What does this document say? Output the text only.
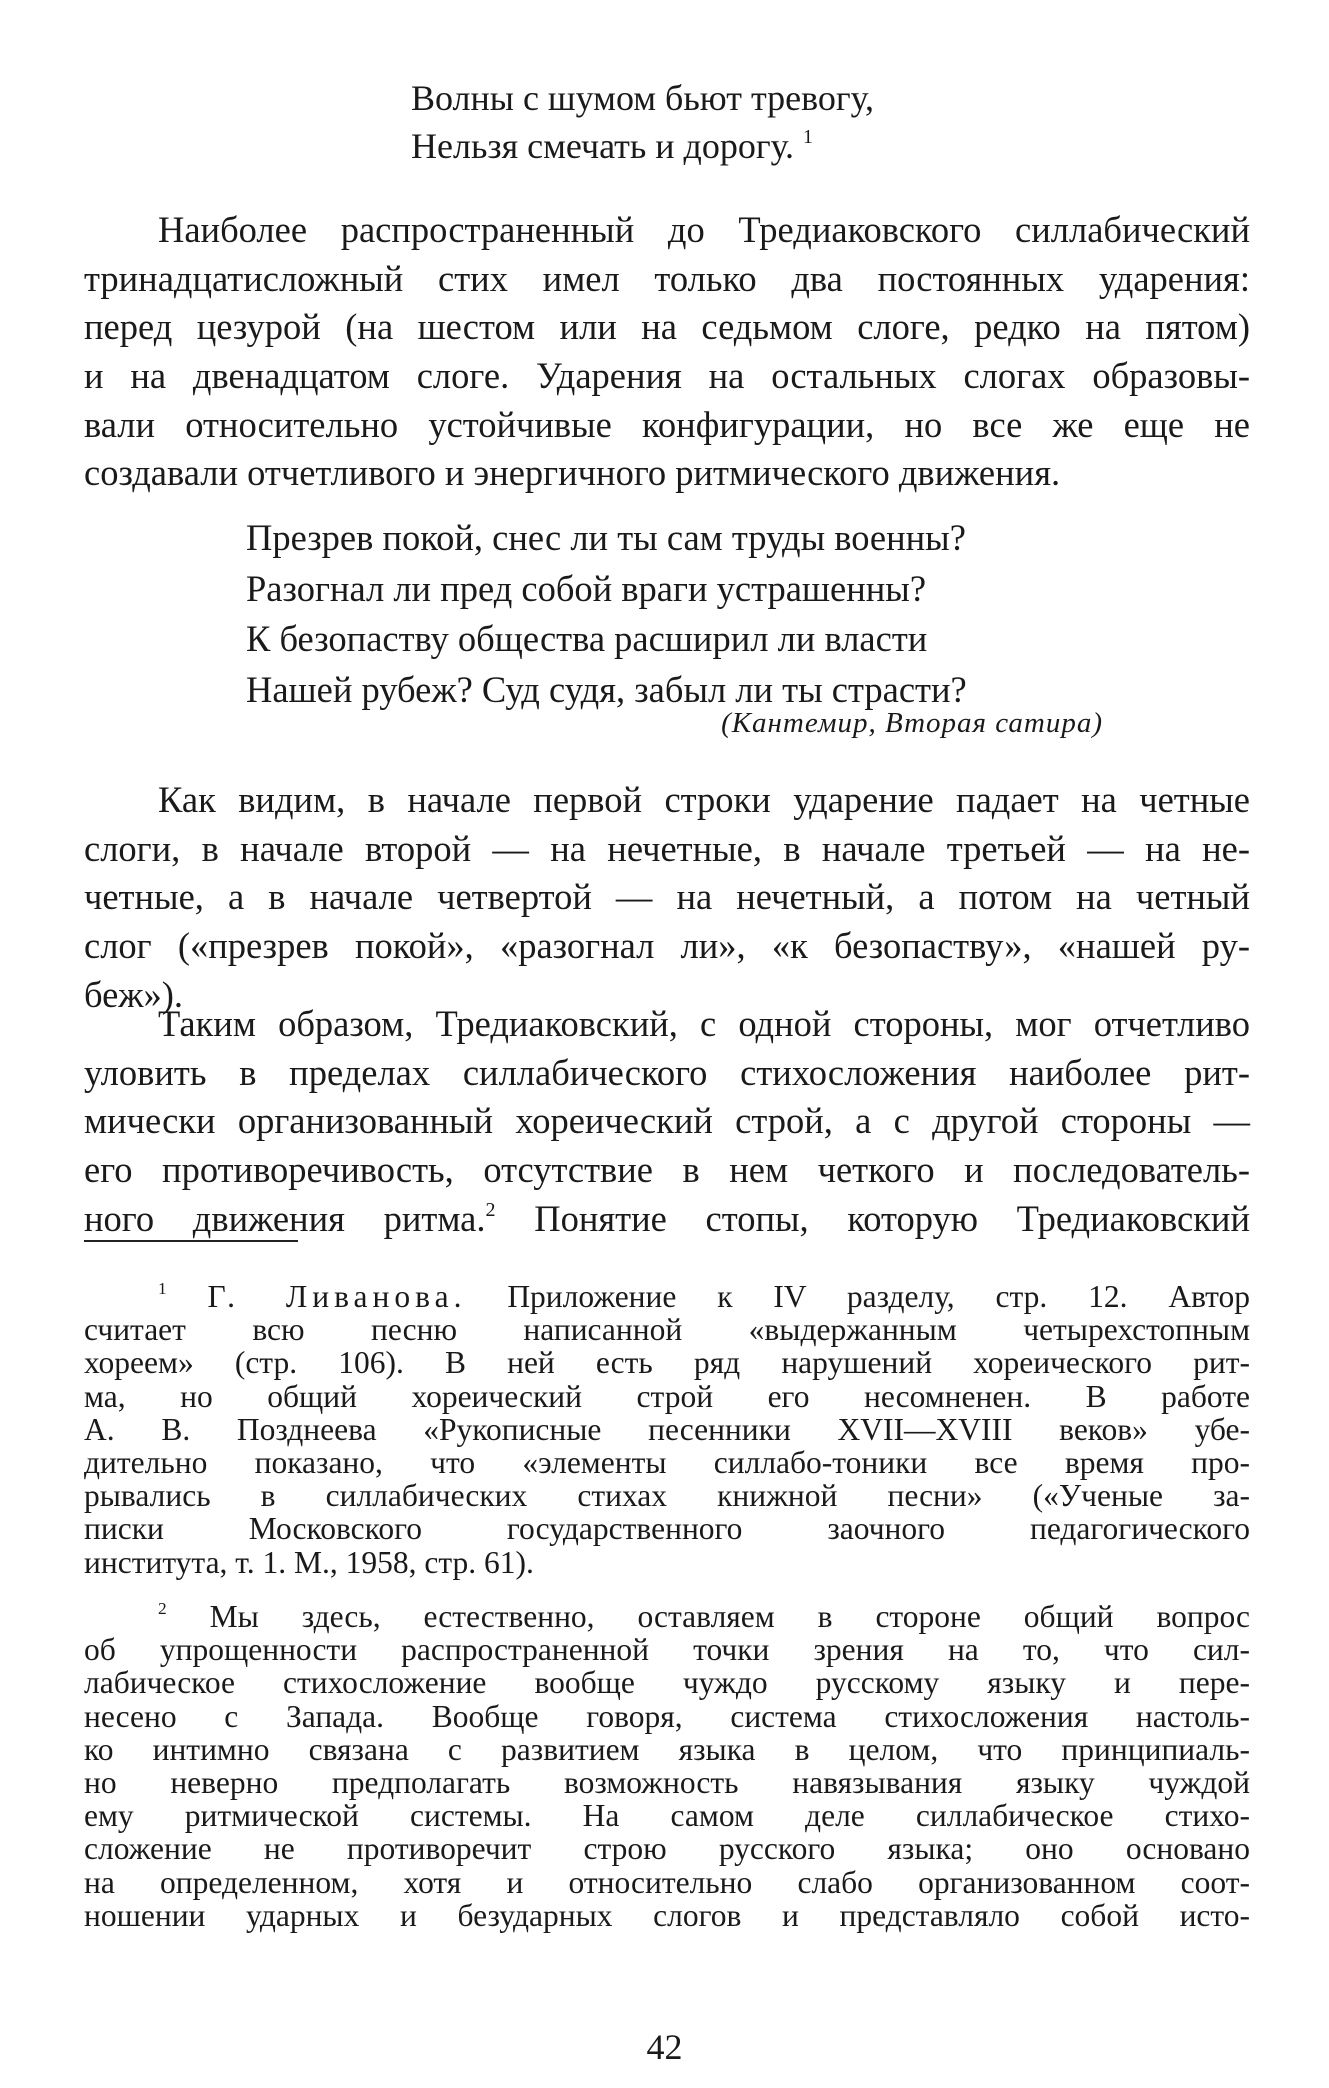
Волны с шумом бьют тревогу,
Нельзя смечать и дорогу. $^1$
Наиболее распространенный до Тредиаковского силлабический
тринадцатисложный стих имел только два постоянных ударения:
перед цезурой (на шестом или на седьмом слоге, редко на пятом)
и на двенадцатом слоге. Ударения на остальных слогах образовы-
вали относительно устойчивые конфигурации, но все же еще не
создавали отчетливого и энергичного ритмического движения.
Презрев покой, снес ли ты сам труды военны?
Разогнал ли пред собой враги устрашенны?
К безопаству общества расширил ли власти
Нашей рубеж? Суд судя, забыл ли ты страсти?
(Кантемир, Вторая сатира)
Как видим, в начале первой строки ударение падает на четные
слоги, в начале второй — на нечетные, в начале третьей — на не-
четные, а в начале четвертой — на нечетный, а потом на четный
слог («презрев покой», «разогнал ли», «к безопаству», «нашей ру-
беж»).
Таким образом, Тредиаковский, с одной стороны, мог отчетливо
уловить в пределах силлабического стихосложения наиболее рит-
мически организованный хореический строй, а с другой стороны —
его противоречивость, отсутствие в нем четкого и последователь-
ного движения ритма.$^2$ Понятие стопы, которую Тредиаковский
$^1$ Г. Ливанова. Приложение к IV разделу, стр. 12. Автор
считает всю песню написанной «выдержанным четырехстопным
хореем» (стр. 106). В ней есть ряд нарушений хореического рит-
ма, но общий хореический строй его несомненен. В работе
А. В. Позднеева «Рукописные песенники XVII—XVIII веков» убе-
дительно показано, что «элементы силлабо-тоники все время про-
рывались в силлабических стихах книжной песни» («Ученые за-
писки Московского государственного заочного педагогического
института, т. 1. М., 1958, стр. 61).
$^2$ Мы здесь, естественно, оставляем в стороне общий вопрос
об упрощенности распространенной точки зрения на то, что сил-
лабическое стихосложение вообще чуждо русскому языку и пере-
несено с Запада. Вообще говоря, система стихосложения настоль-
ко интимно связана с развитием языка в целом, что принципиаль-
но неверно предполагать возможность навязывания языку чуждой
ему ритмической системы. На самом деле силлабическое стихо-
сложение не противоречит строю русского языка; оно основано
на определенном, хотя и относительно слабо организованном соот-
ношении ударных и безударных слогов и представляло собой исто-
42
